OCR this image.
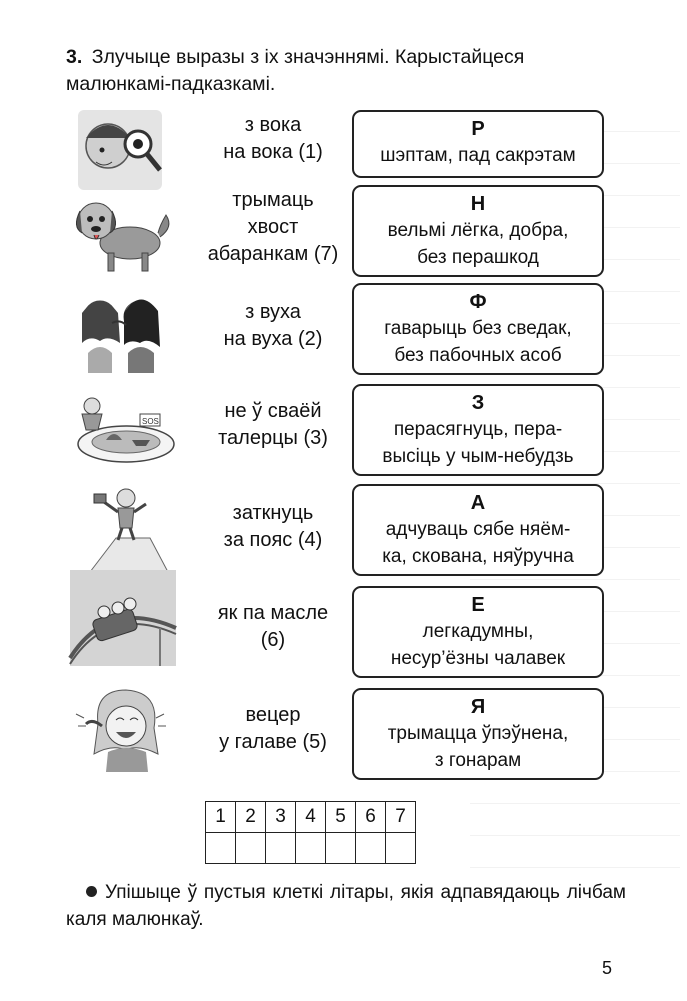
3. Злучыце выразы з іх значэннямі. Карыстайцеся малюнкамі-падказкамі.
з вока
на вока (1)
Р
шэптам, пад сакрэтам
трымаць
хвост
абаранкам (7)
Н
вельмі лёгка, добра,
без перашкод
з вуха
на вуха (2)
Ф
гаварыць без сведак,
без пабочных асоб
SOS	не ў сваёй
талерцы (3)
З
перасягнуць, пера-
высіць у чым-небудзь
заткнуць
за пояс (4)
А
адчуваць сябе няём-
ка, скована, няўручна
як па масле
(6)
Е
легкадумны,
несур’ёзны чалавек
вецер
у галаве (5)
Я
трымацца ўпэўнена,
з гонарам
1	2	3	4	5	6	7

Упішыце ў пустыя клеткі літары, якія адпавядаюць лічбам каля малюнкаў.
5
